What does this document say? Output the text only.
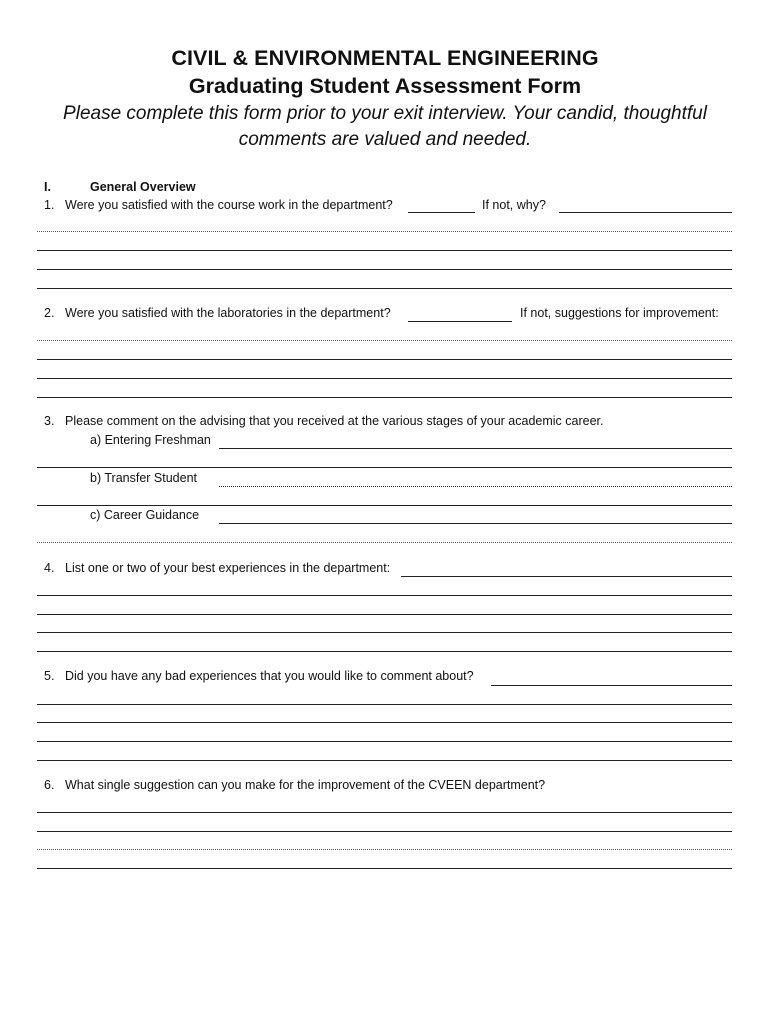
CIVIL & ENVIRONMENTAL ENGINEERING
Graduating Student Assessment Form
Please complete this form prior to your exit interview. Your candid, thoughtful
comments are valued and needed.
I.	General Overview
1. Were you satisfied with the course work in the department?	If not, why?
2. Were you satisfied with the laboratories in the department?	If not, suggestions for improvement:
3. Please comment on the advising that you received at the various stages of your academic career.
a) Entering Freshman
b) Transfer Student
c) Career Guidance
4. List one or two of your best experiences in the department:
5. Did you have any bad experiences that you would like to comment about?
6. What single suggestion can you make for the improvement of the CVEEN department?
